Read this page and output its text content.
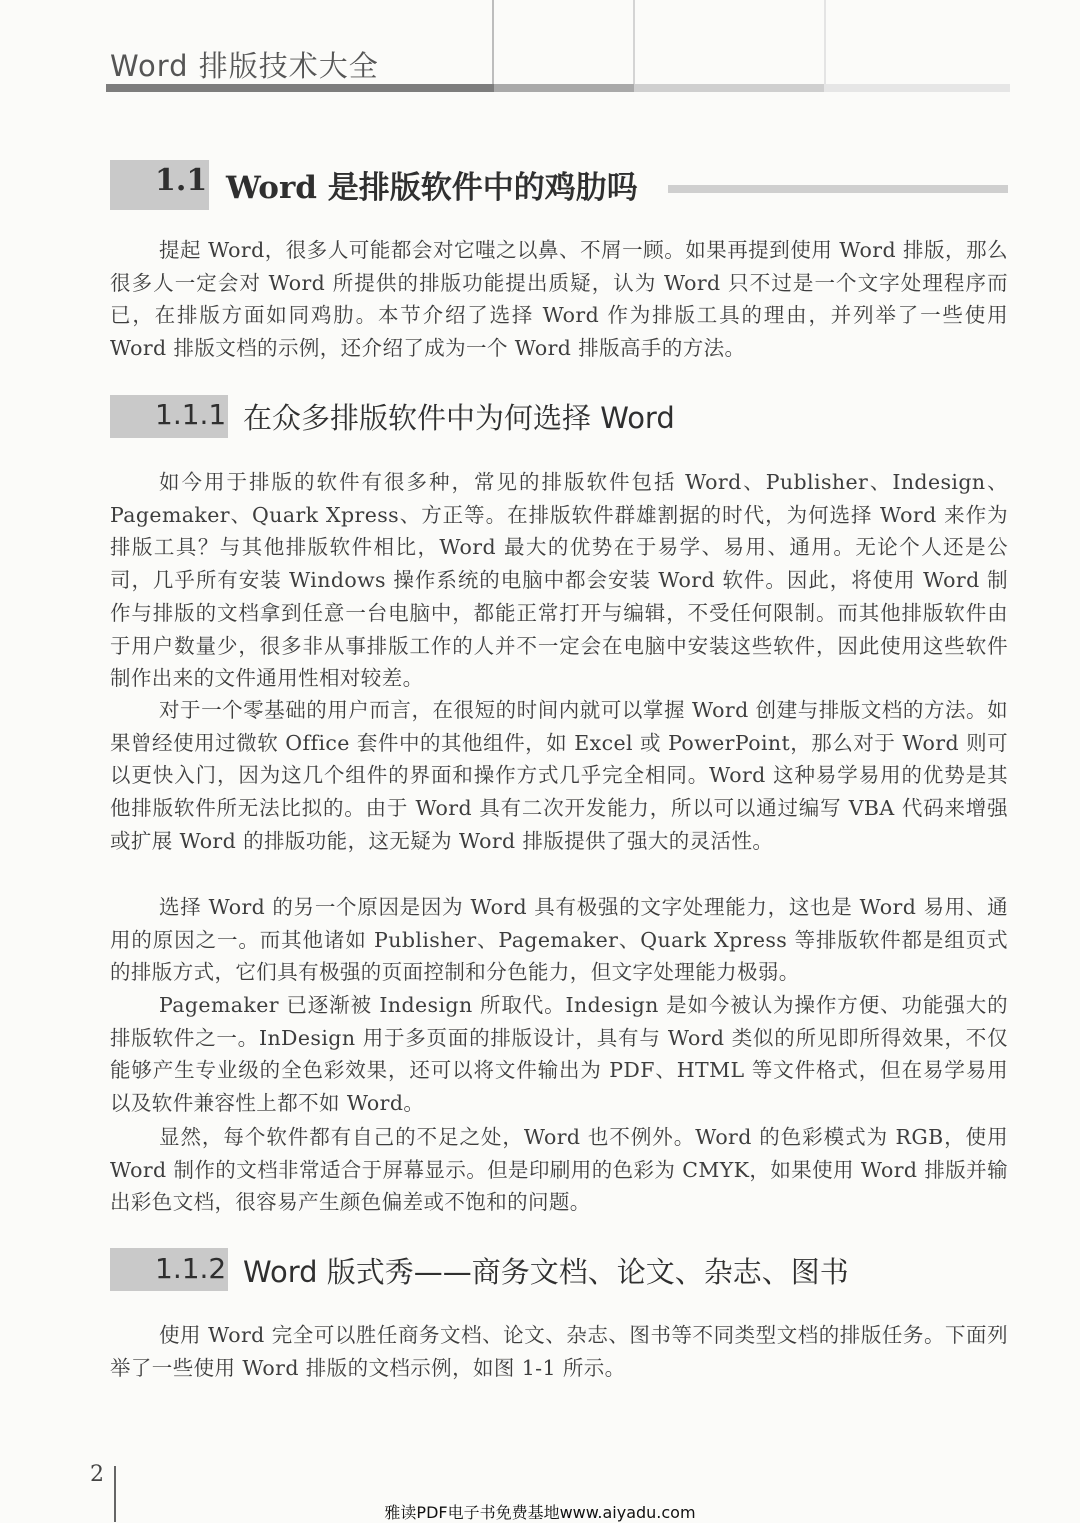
Word 排版技术大全
1.1 Word 是排版软件中的鸡肋吗

提起 Word，很多人可能都会对它嗤之以鼻、不屑一顾。如果再提到使用 Word 排版，那么很多人一定会对 Word 所提供的排版功能提出质疑，认为 Word 只不过是一个文字处理程序而已，在排版方面如同鸡肋。本节介绍了选择 Word 作为排版工具的理由，并列举了一些使用 Word 排版文档的示例，还介绍了成为一个 Word 排版高手的方法。

1.1.1 在众多排版软件中为何选择 Word

如今用于排版的软件有很多种，常见的排版软件包括 Word、Publisher、Indesign、Pagemaker、Quark Xpress、方正等。在排版软件群雄割据的时代，为何选择 Word 来作为排版工具？与其他排版软件相比，Word 最大的优势在于易学、易用、通用。无论个人还是公司，几乎所有安装 Windows 操作系统的电脑中都会安装 Word 软件。因此，将使用 Word 制作与排版的文档拿到任意一台电脑中，都能正常打开与编辑，不受任何限制。而其他排版软件由于用户数量少，很多非从事排版工作的人并不一定会在电脑中安装这些软件，因此使用这些软件制作出来的文件通用性相对较差。

对于一个零基础的用户而言，在很短的时间内就可以掌握 Word 创建与排版文档的方法。如果曾经使用过微软 Office 套件中的其他组件，如 Excel 或 PowerPoint，那么对于 Word 则可以更快入门，因为这几个组件的界面和操作方式几乎完全相同。Word 这种易学易用的优势是其他排版软件所无法比拟的。由于 Word 具有二次开发能力，所以可以通过编写 VBA 代码来增强或扩展 Word 的排版功能，这无疑为 Word 排版提供了强大的灵活性。

选择 Word 的另一个原因是因为 Word 具有极强的文字处理能力，这也是 Word 易用、通用的原因之一。而其他诸如 Publisher、Pagemaker、Quark Xpress 等排版软件都是组页式的排版方式，它们具有极强的页面控制和分色能力，但文字处理能力极弱。

Pagemaker 已逐渐被 Indesign 所取代。Indesign 是如今被认为操作方便、功能强大的排版软件之一。InDesign 用于多页面的排版设计，具有与 Word 类似的所见即所得效果，不仅能够产生专业级的全色彩效果，还可以将文件输出为 PDF、HTML 等文件格式，但在易学易用以及软件兼容性上都不如 Word。

显然，每个软件都有自己的不足之处，Word 也不例外。Word 的色彩模式为 RGB，使用 Word 制作的文档非常适合于屏幕显示。但是印刷用的色彩为 CMYK，如果使用 Word 排版并输出彩色文档，很容易产生颜色偏差或不饱和的问题。

1.1.2 Word 版式秀——商务文档、论文、杂志、图书

使用 Word 完全可以胜任商务文档、论文、杂志、图书等不同类型文档的排版任务。下面列举了一些使用 Word 排版的文档示例，如图 1-1 所示。

2
雅读PDF电子书免费基地www.aiyadu.com
